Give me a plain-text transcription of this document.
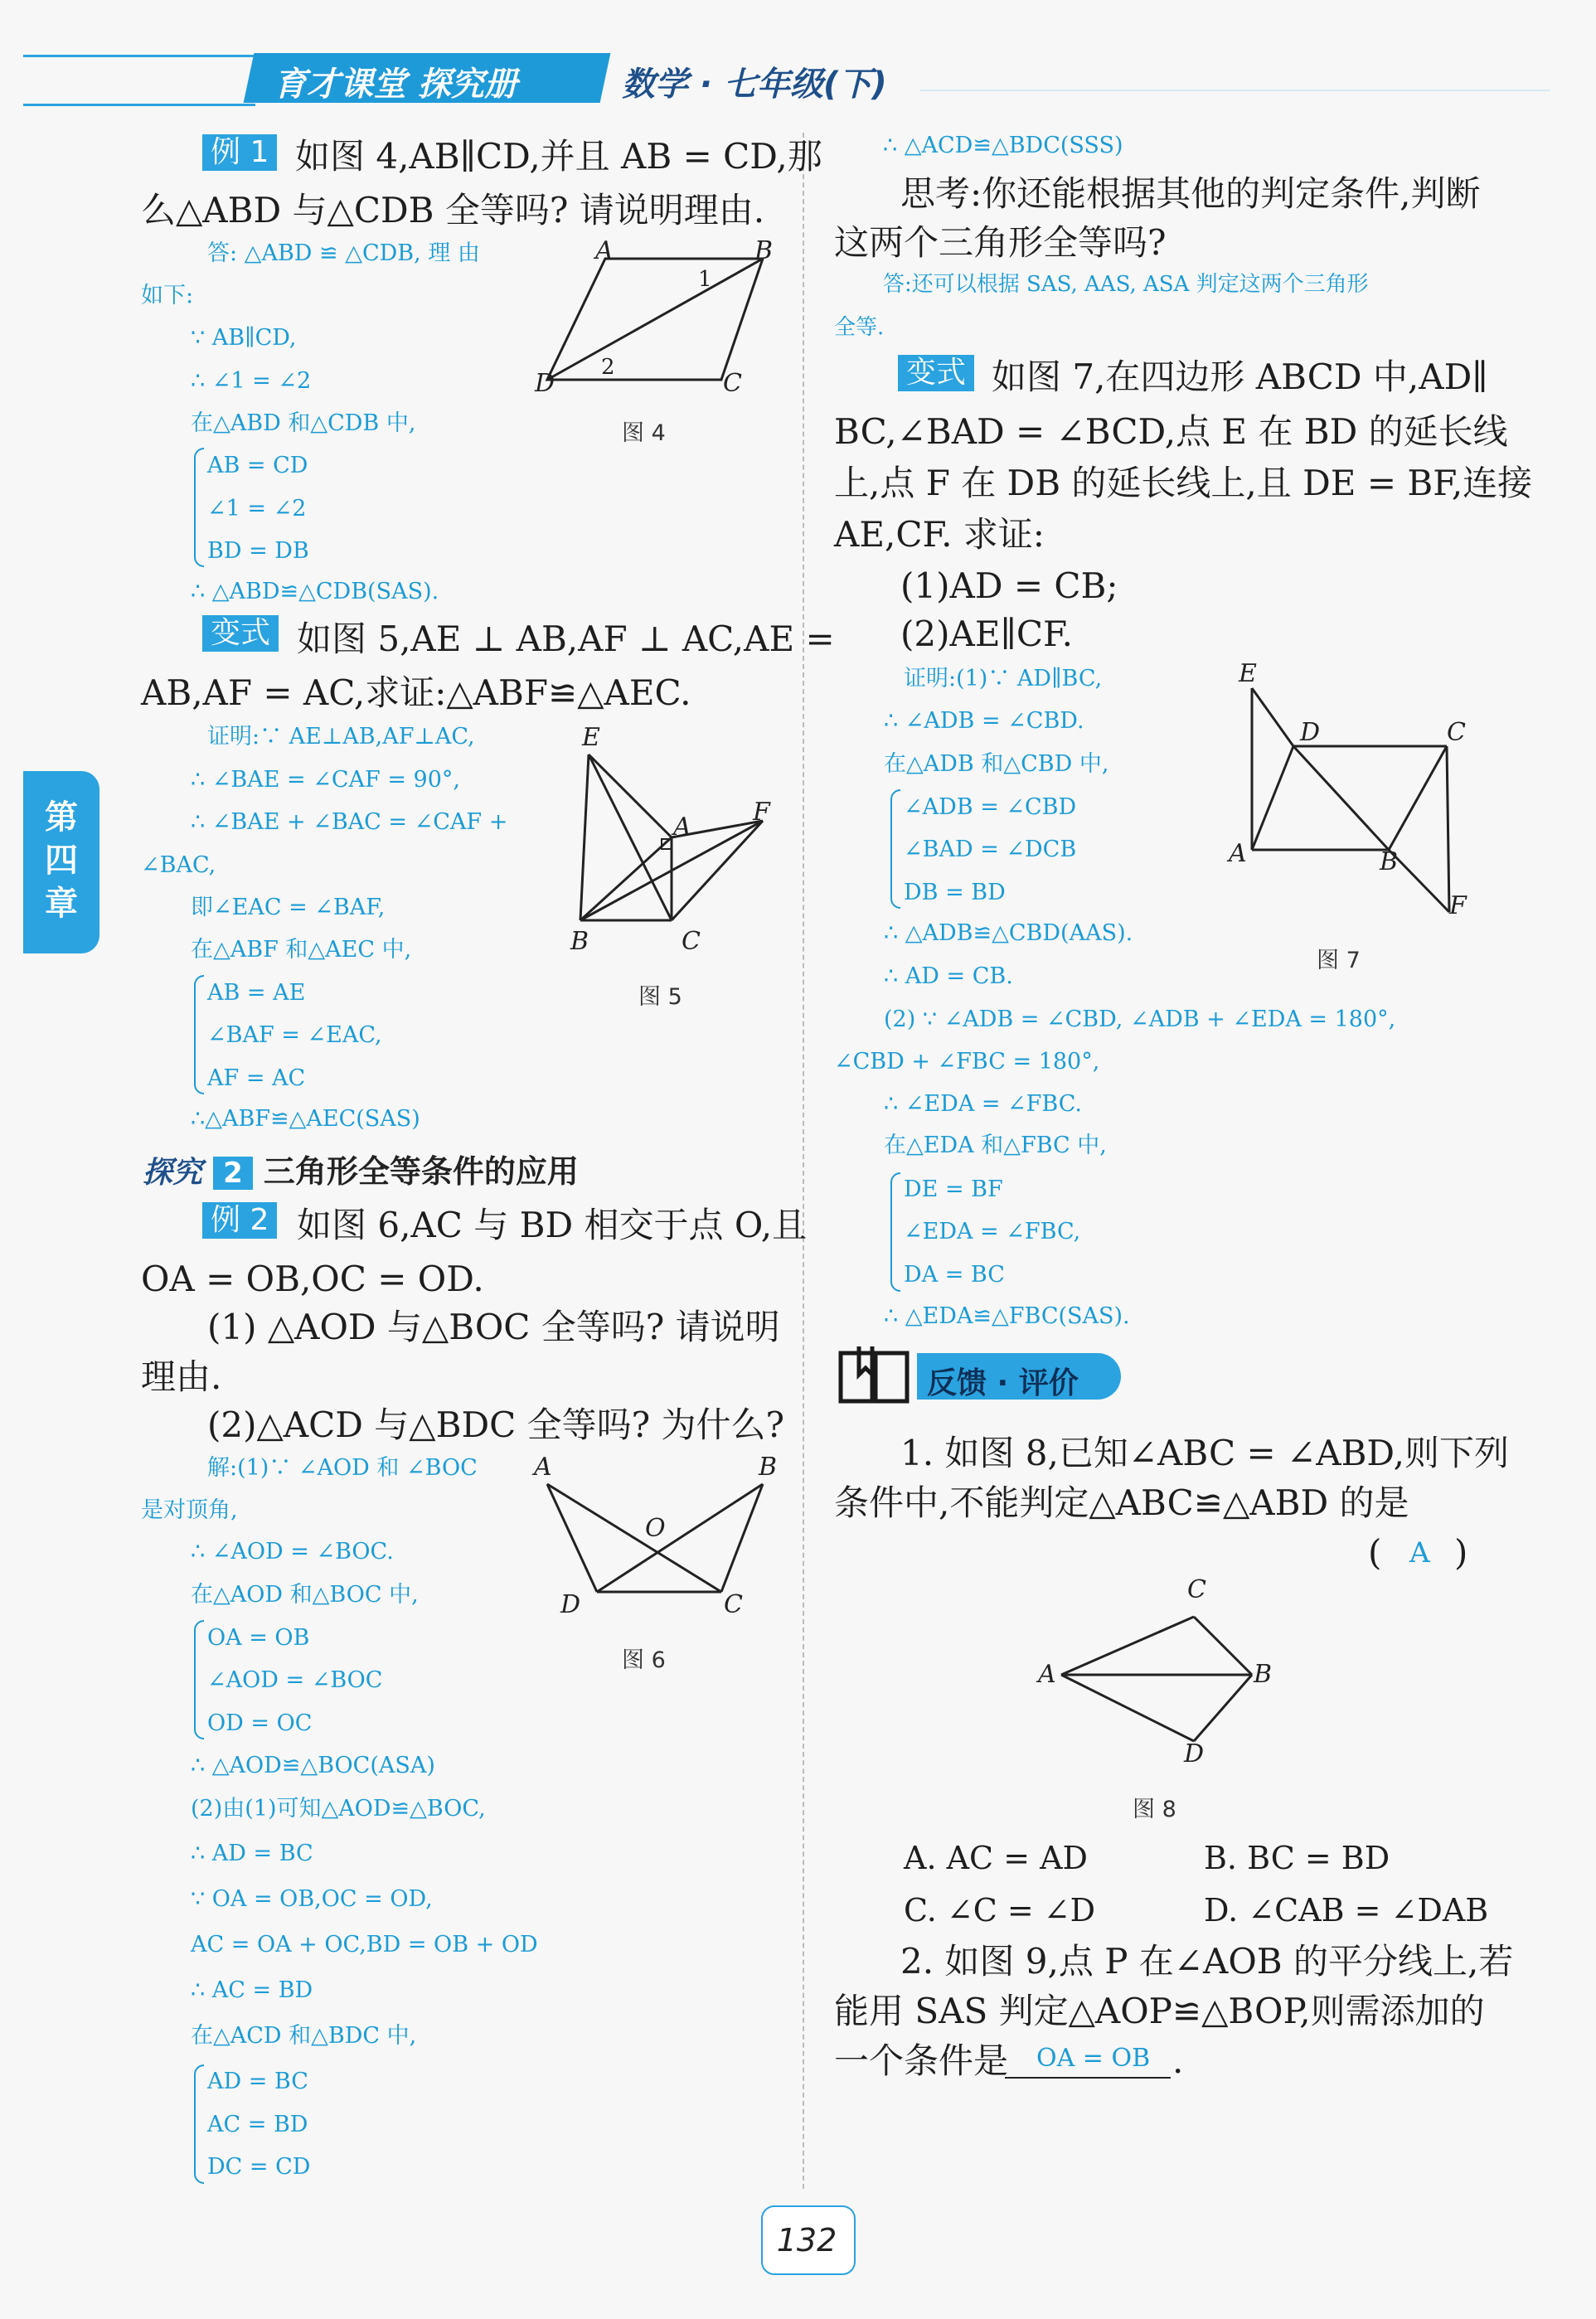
育才课堂 探究册	数学 · 七年级(下)
第四章
例 1 如图 4,AB∥CD,并且 AB = CD,那
么△ABD 与△CDB 全等吗? 请说明理由.
答: △ABD ≌ △CDB, 理 由
如下:
∵ AB∥CD,
∴ ∠1 = ∠2
在△ABD 和△CDB 中,
AB = CD
∠1 = ∠2
BD = DB
∴ △ABD≌△CDB(SAS).
A	B
D	C
1
2
图 4
变式 如图 5,AE ⊥ AB,AF ⊥ AC,AE =
AB,AF = AC,求证:△ABF≌△AEC.
证明:∵ AE⊥AB,AF⊥AC,
∴ ∠BAE = ∠CAF = 90°,
∴ ∠BAE + ∠BAC = ∠CAF +
∠BAC,
即∠EAC = ∠BAF,
在△ABF 和△AEC 中,
AB = AE
∠BAF = ∠EAC,
AF = AC
∴△ABF≌△AEC(SAS)
E
A
F
B	C
图 5
探究 2 三角形全等条件的应用
例 2 如图 6,AC 与 BD 相交于点 O,且
OA = OB,OC = OD.
(1) △AOD 与△BOC 全等吗? 请说明
理由.
(2)△ACD 与△BDC 全等吗? 为什么?
解:(1)∵ ∠AOD 和 ∠BOC
是对顶角,
∴ ∠AOD = ∠BOC.
在△AOD 和△BOC 中,
OA = OB
∠AOD = ∠BOC
OD = OC
∴ △AOD≌△BOC(ASA)
(2)由(1)可知△AOD≌△BOC,
∴ AD = BC
∵ OA = OB,OC = OD,
AC = OA + OC,BD = OB + OD
∴ AC = BD
在△ACD 和△BDC 中,
AD = BC
AC = BD
DC = CD
A	B
O
D	C
图 6
∴ △ACD≌△BDC(SSS)
思考:你还能根据其他的判定条件,判断
这两个三角形全等吗?
答:还可以根据 SAS, AAS, ASA 判定这两个三角形
全等.
变式 如图 7,在四边形 ABCD 中,AD∥
BC,∠BAD = ∠BCD,点 E 在 BD 的延长线
上,点 F 在 DB 的延长线上,且 DE = BF,连接
AE,CF. 求证:
(1)AD = CB;
(2)AE∥CF.
证明:(1)∵ AD∥BC,
∴ ∠ADB = ∠CBD.
在△ADB 和△CBD 中,
∠ADB = ∠CBD
∠BAD = ∠DCB
DB = BD
∴ △ADB≌△CBD(AAS).
∴ AD = CB.
(2) ∵ ∠ADB = ∠CBD, ∠ADB + ∠EDA = 180°,
∠CBD + ∠FBC = 180°,
∴ ∠EDA = ∠FBC.
在△EDA 和△FBC 中,
DE = BF
∠EDA = ∠FBC,
DA = BC
∴ △EDA≌△FBC(SAS).
E
D	C
A	B
F
图 7
反馈 · 评价
1. 如图 8,已知∠ABC = ∠ABD,则下列
条件中,不能判定△ABC≌△ABD 的是
( A )
A	B
C
D
图 8
A. AC = AD	B. BC = BD
C. ∠C = ∠D	D. ∠CAB = ∠DAB
2. 如图 9,点 P 在∠AOB 的平分线上,若
能用 SAS 判定△AOP≌△BOP,则需添加的
一个条件是 OA = OB .
132
